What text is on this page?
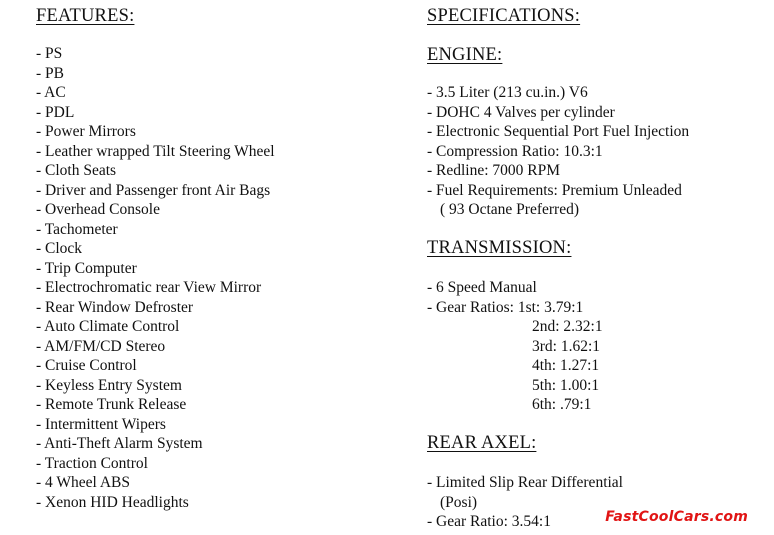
FEATURES:
- PS
- PB
- AC
- PDL
- Power Mirrors
- Leather wrapped Tilt Steering Wheel
- Cloth Seats
- Driver and Passenger front Air Bags
- Overhead Console
- Tachometer
- Clock
- Trip Computer
- Electrochromatic rear View Mirror
- Rear Window Defroster
- Auto Climate Control
- AM/FM/CD Stereo
- Cruise Control
- Keyless Entry System
- Remote Trunk Release
- Intermittent Wipers
- Anti-Theft Alarm System
- Traction Control
- 4 Wheel ABS
- Xenon HID Headlights
SPECIFICATIONS:
ENGINE:
- 3.5 Liter (213 cu.in.) V6
- DOHC 4 Valves per cylinder
- Electronic Sequential Port Fuel Injection
- Compression Ratio: 10.3:1
- Redline: 7000 RPM
- Fuel Requirements: Premium Unleaded
( 93 Octane Preferred)
TRANSMISSION:
- 6 Speed Manual
- Gear Ratios: 1st: 3.79:1
2nd: 2.32:1
3rd: 1.62:1
4th: 1.27:1
5th: 1.00:1
6th: .79:1
REAR AXEL:
- Limited Slip Rear Differential
(Posi)
- Gear Ratio: 3.54:1	FastCoolCars.com
